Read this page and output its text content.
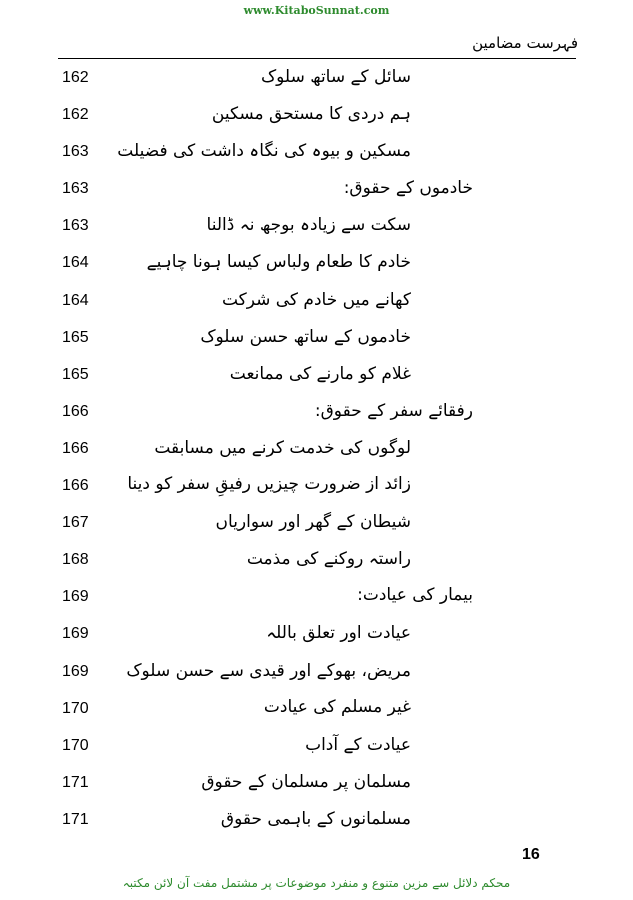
www.KitaboSunnat.com
فہرست مضامین
162	سائل کے ساتھ سلوک
162	ہم دردی کا مستحق مسکین
163 مسکین و بیوہ کی نگاہ داشت کی فضیلت
163	خادموں کے حقوق:
163	سکت سے زیادہ بوجھ نہ ڈالنا
164	خادم کا طعام ولباس کیسا ہونا چاہیے
164	کھانے میں خادم کی شرکت
165	خادموں کے ساتھ حسن سلوک
165	غلام کو مارنے کی ممانعت
166	رفقائے سفر کے حقوق:
166	لوگوں کی خدمت کرنے میں مسابقت
166 زائد از ضرورت چیزیں رفیقِ سفر کو دینا
167	شیطان کے گھر اور سواریاں
168	راستہ روکنے کی مذمت
169	بیمار کی عیادت:
169	عیادت اور تعلق باللہ
169 مریض، بھوکے اور قیدی سے حسن سلوک
170	غیر مسلم کی عیادت
170	عیادت کے آداب
171	مسلمان پر مسلمان کے حقوق
171	مسلمانوں کے باہمی حقوق
16
محکم دلائل سے مزین متنوع و منفرد موضوعات پر مشتمل مفت آن لائن مکتبہ
